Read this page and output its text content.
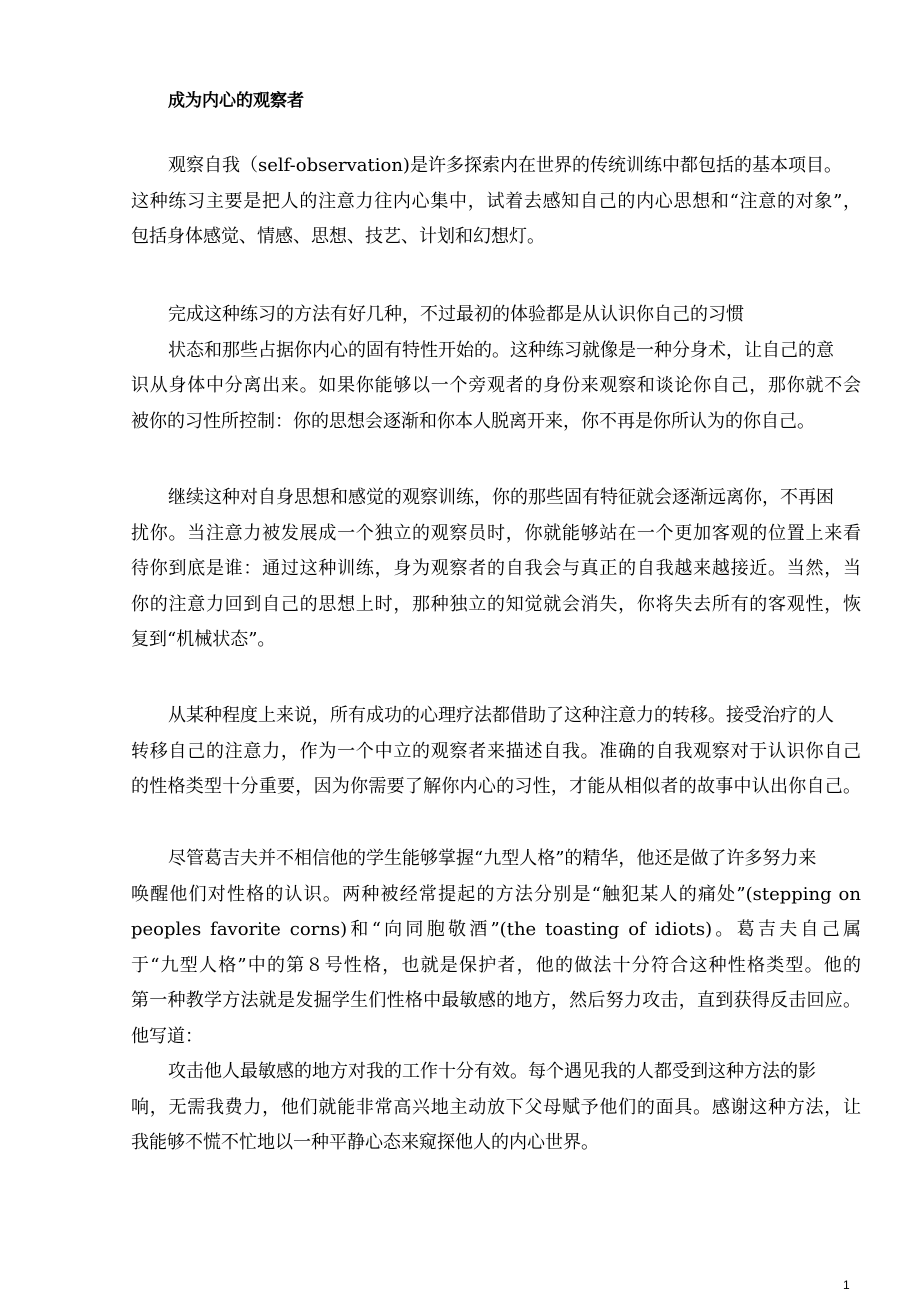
成为内心的观察者
观察自我（self-observation)是许多探索内在世界的传统训练中都包括的基本项目。
这种练习主要是把人的注意力往内心集中，试着去感知自己的内心思想和“注意的对象”，
包括身体感觉、情感、思想、技艺、计划和幻想灯。
完成这种练习的方法有好几种，不过最初的体验都是从认识你自己的习惯
状态和那些占据你内心的固有特性开始的。这种练习就像是一种分身术，让自己的意
识从身体中分离出来。如果你能够以一个旁观者的身份来观察和谈论你自己，那你就不会
被你的习性所控制：你的思想会逐渐和你本人脱离开来，你不再是你所认为的你自己。
继续这种对自身思想和感觉的观察训练，你的那些固有特征就会逐渐远离你，不再困
扰你。当注意力被发展成一个独立的观察员时，你就能够站在一个更加客观的位置上来看
待你到底是谁：通过这种训练，身为观察者的自我会与真正的自我越来越接近。当然，当
你的注意力回到自己的思想上时，那种独立的知觉就会消失，你将失去所有的客观性，恢
复到“机械状态”。
从某种程度上来说，所有成功的心理疗法都借助了这种注意力的转移。接受治疗的人
转移自己的注意力，作为一个中立的观察者来描述自我。准确的自我观察对于认识你自己
的性格类型十分重要，因为你需要了解你内心的习性，才能从相似者的故事中认出你自己。
尽管葛吉夫并不相信他的学生能够掌握“九型人格”的精华，他还是做了许多努力来
唤醒他们对性格的认识。两种被经常提起的方法分别是“触犯某人的痛处”(stepping on
peoples favorite corns)和“向同胞敬酒”(the toasting of idiots)。葛吉夫自己属
于“九型人格”中的第８号性格，也就是保护者，他的做法十分符合这种性格类型。他的
第一种教学方法就是发掘学生们性格中最敏感的地方，然后努力攻击，直到获得反击回应。
他写道：
攻击他人最敏感的地方对我的工作十分有效。每个遇见我的人都受到这种方法的影
响，无需我费力，他们就能非常高兴地主动放下父母赋予他们的面具。感谢这种方法，让
我能够不慌不忙地以一种平静心态来窥探他人的内心世界。
1
